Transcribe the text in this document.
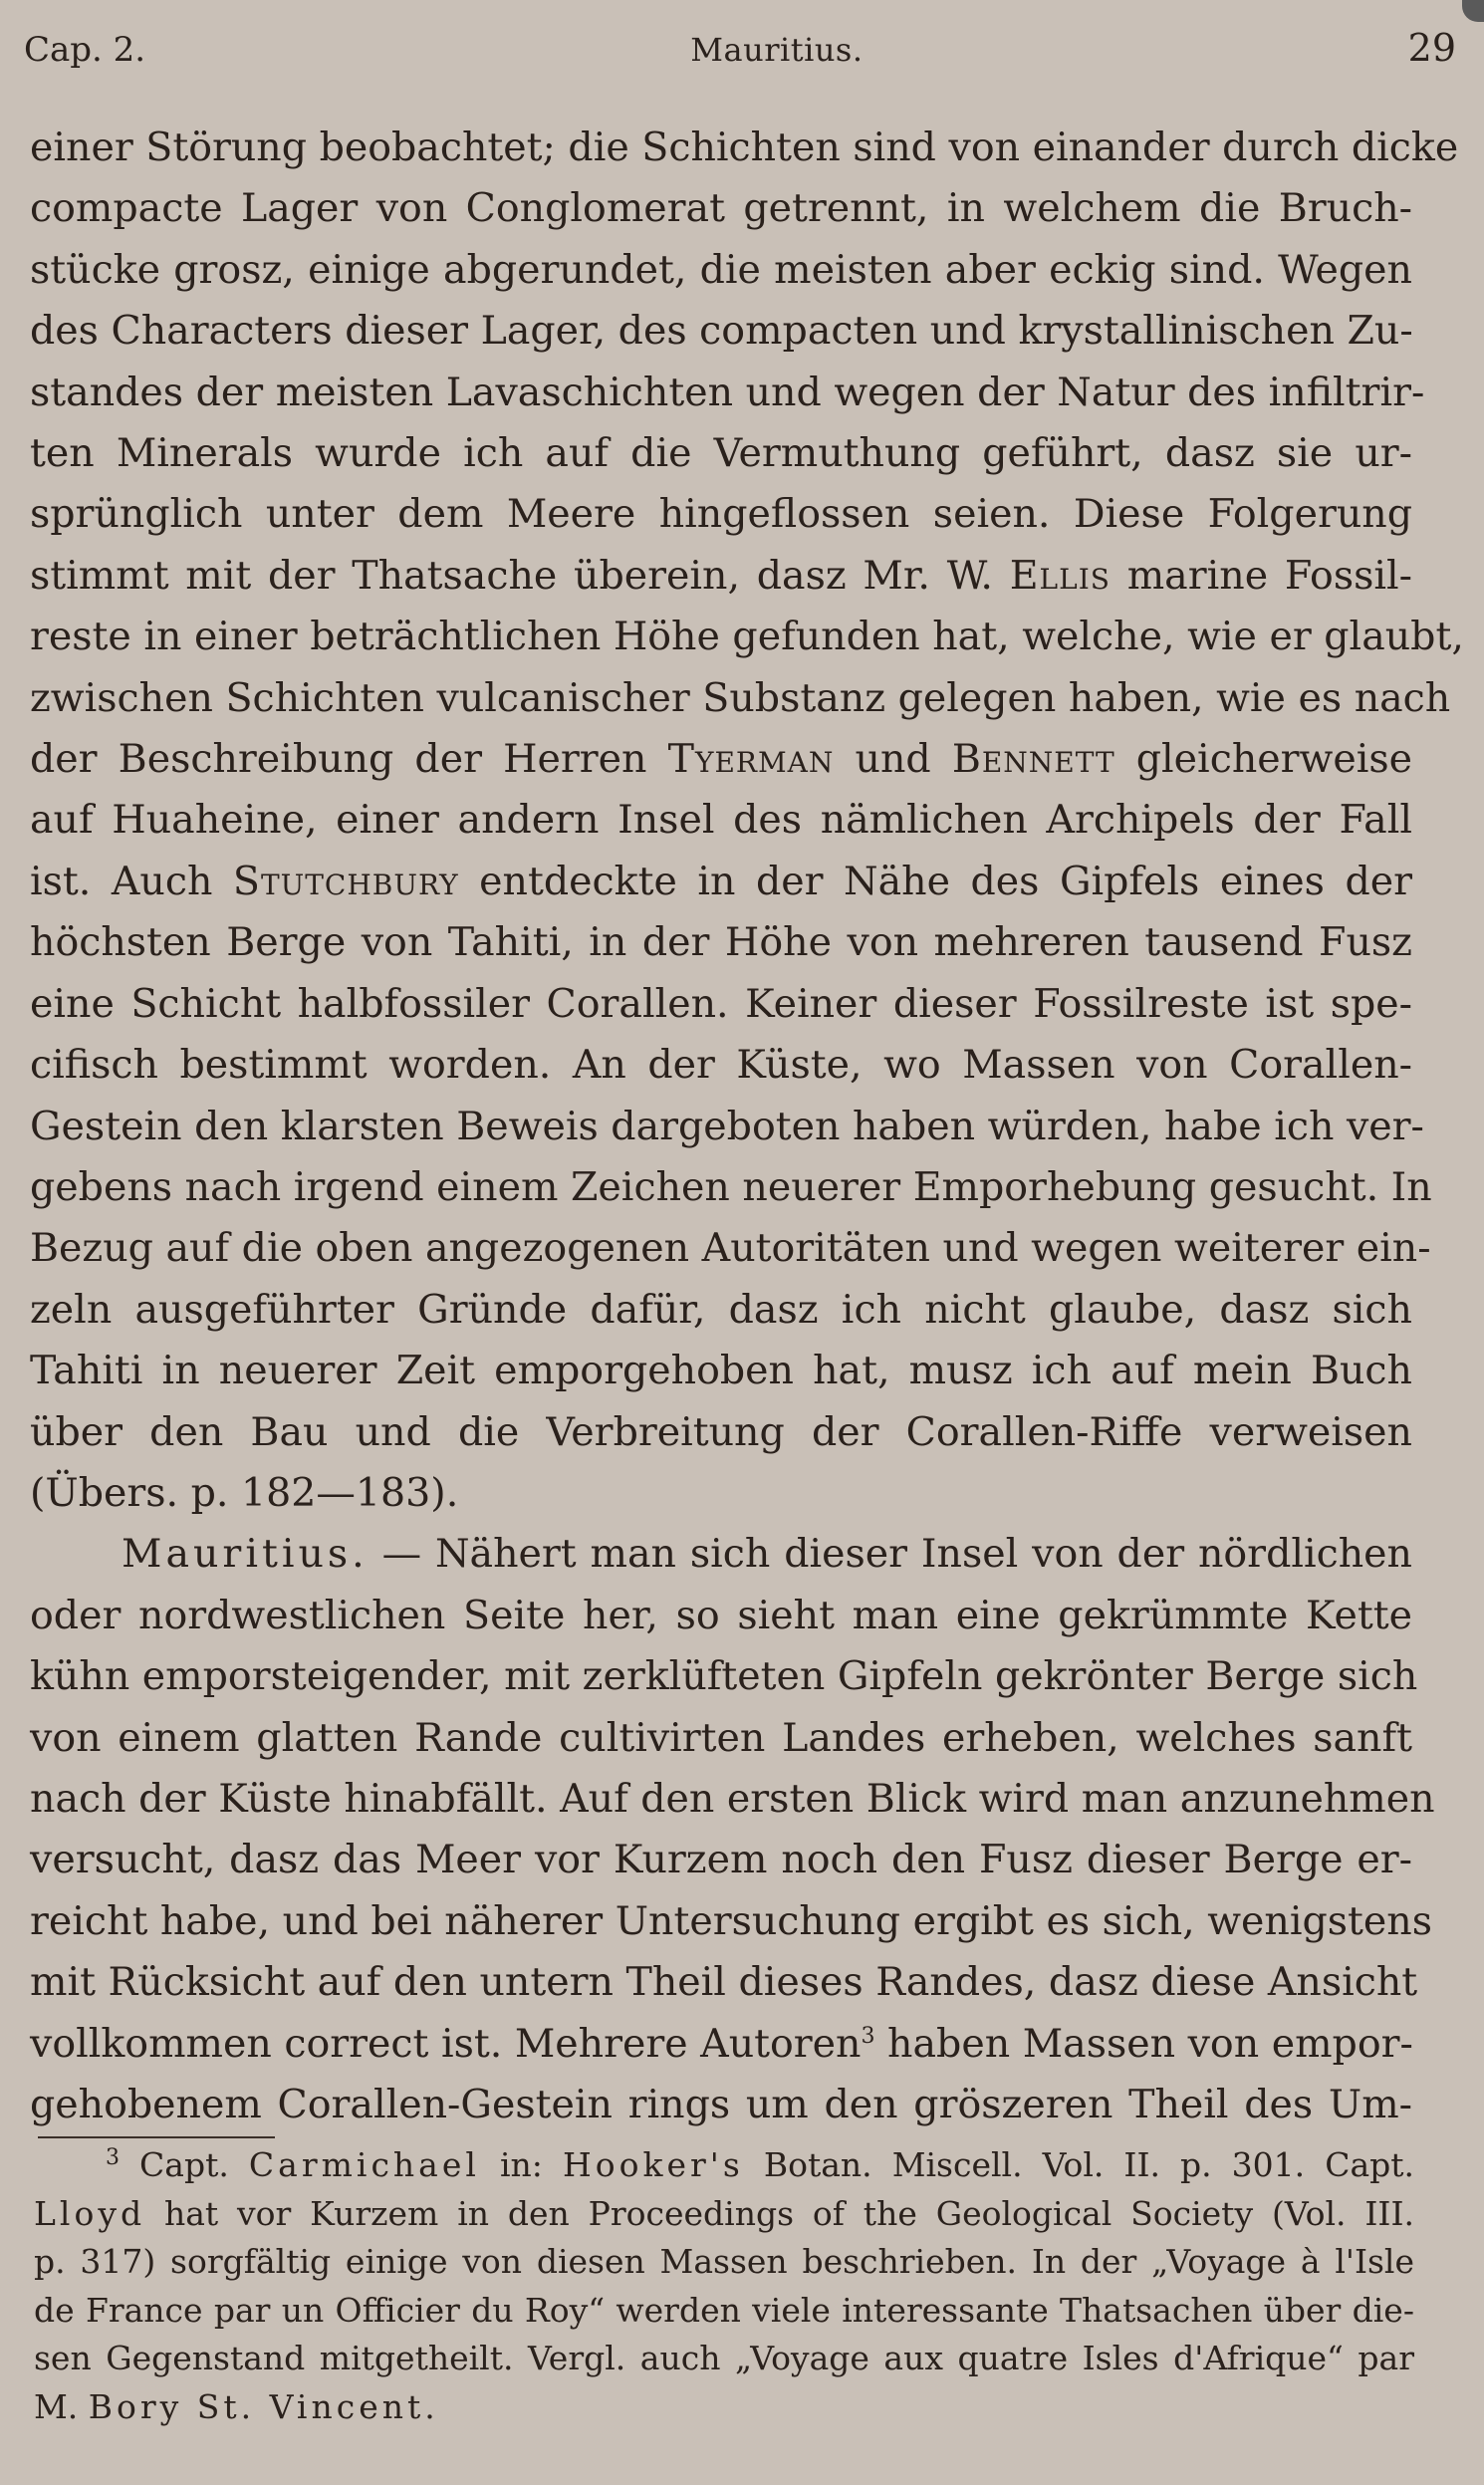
Cap. 2.	Mauritius.	29
einer Störung beobachtet; die Schichten sind von einander durch dicke
compacte Lager von Conglomerat getrennt, in welchem die Bruch-
stücke grosz, einige abgerundet, die meisten aber eckig sind. Wegen
des Characters dieser Lager, des compacten und krystallinischen Zu-
standes der meisten Lavaschichten und wegen der Natur des infiltrir-
ten Minerals wurde ich auf die Vermuthung geführt, dasz sie ur-
sprünglich unter dem Meere hingeflossen seien. Diese Folgerung
stimmt mit der Thatsache überein, dasz Mr. W. Ellis marine Fossil-
reste in einer beträchtlichen Höhe gefunden hat, welche, wie er glaubt,
zwischen Schichten vulcanischer Substanz gelegen haben, wie es nach
der Beschreibung der Herren Tyerman und Bennett gleicherweise
auf Huaheine, einer andern Insel des nämlichen Archipels der Fall
ist. Auch Stutchbury entdeckte in der Nähe des Gipfels eines der
höchsten Berge von Tahiti, in der Höhe von mehreren tausend Fusz
eine Schicht halbfossiler Corallen. Keiner dieser Fossilreste ist spe-
cifisch bestimmt worden. An der Küste, wo Massen von Corallen-
Gestein den klarsten Beweis dargeboten haben würden, habe ich ver-
gebens nach irgend einem Zeichen neuerer Emporhebung gesucht. In
Bezug auf die oben angezogenen Autoritäten und wegen weiterer ein-
zeln ausgeführter Gründe dafür, dasz ich nicht glaube, dasz sich
Tahiti in neuerer Zeit emporgehoben hat, musz ich auf mein Buch
über den Bau und die Verbreitung der Corallen-Riffe verweisen
(Übers. p. 182—183).
Mauritius. — Nähert man sich dieser Insel von der nördlichen
oder nordwestlichen Seite her, so sieht man eine gekrümmte Kette
kühn emporsteigender, mit zerklüfteten Gipfeln gekrönter Berge sich
von einem glatten Rande cultivirten Landes erheben, welches sanft
nach der Küste hinabfällt. Auf den ersten Blick wird man anzunehmen
versucht, dasz das Meer vor Kurzem noch den Fusz dieser Berge er-
reicht habe, und bei näherer Untersuchung ergibt es sich, wenigstens
mit Rücksicht auf den untern Theil dieses Randes, dasz diese Ansicht
vollkommen correct ist. Mehrere Autoren$^3$ haben Massen von empor-
gehobenem Corallen-Gestein rings um den gröszeren Theil des Um-
$^3$ Capt. Carmichael in: Hooker's Botan. Miscell. Vol. II. p. 301. Capt.
Lloyd hat vor Kurzem in den Proceedings of the Geological Society (Vol. III.
p. 317) sorgfältig einige von diesen Massen beschrieben. In der „Voyage à l'Isle
de France par un Officier du Roy“ werden viele interessante Thatsachen über die-
sen Gegenstand mitgetheilt. Vergl. auch „Voyage aux quatre Isles d'Afrique“ par
M. Bory St. Vincent.
